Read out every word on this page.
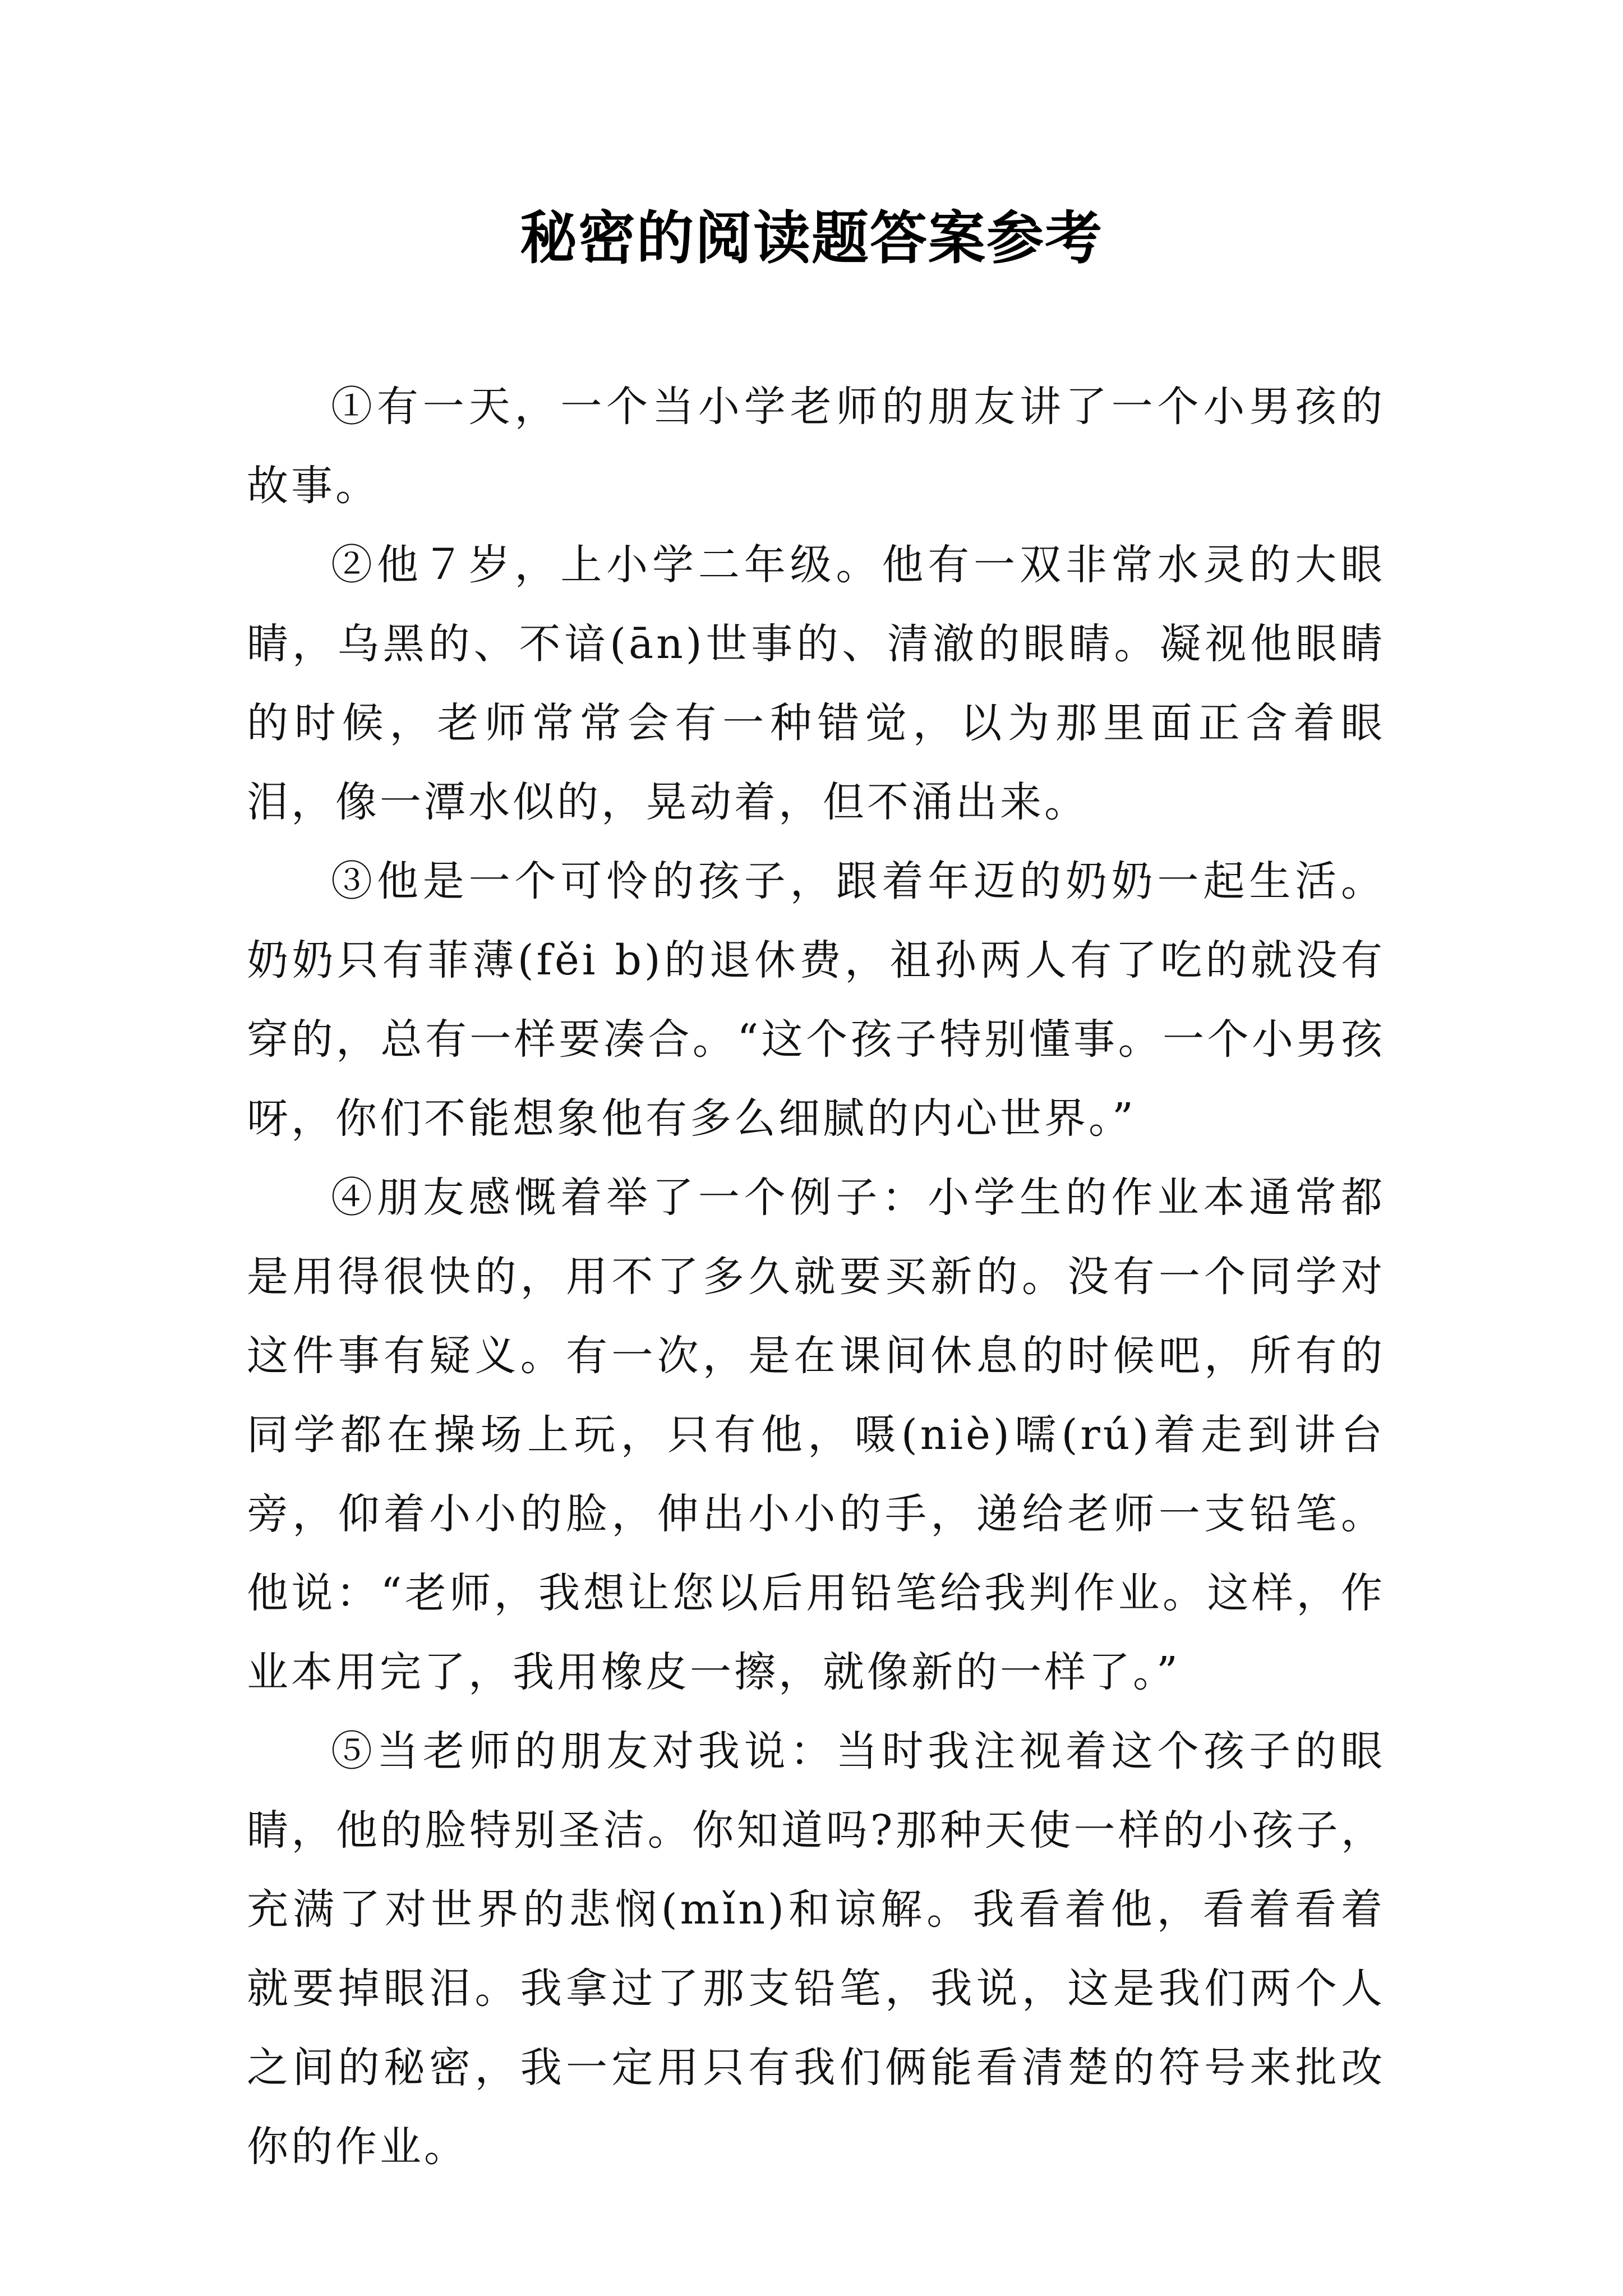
秘密的阅读题答案参考

①有一天，一个当小学老师的朋友讲了一个小男孩的故事。

②他７岁，上小学二年级。他有一双非常水灵的大眼睛，乌黑的、不谙(ān)世事的、清澈的眼睛。凝视他眼睛的时候，老师常常会有一种错觉，以为那里面正含着眼泪，像一潭水似的，晃动着，但不涌出来。

③他是一个可怜的孩子，跟着年迈的奶奶一起生活。奶奶只有菲薄(fěi b)的退休费，祖孙两人有了吃的就没有穿的，总有一样要凑合。“这个孩子特别懂事。一个小男孩呀，你们不能想象他有多么细腻的内心世界。”

④朋友感慨着举了一个例子：小学生的作业本通常都是用得很快的，用不了多久就要买新的。没有一个同学对这件事有疑义。有一次，是在课间休息的时候吧，所有的同学都在操场上玩，只有他，嗫(niè)嚅(rú)着走到讲台旁，仰着小小的脸，伸出小小的手，递给老师一支铅笔。他说：“老师，我想让您以后用铅笔给我判作业。这样，作业本用完了，我用橡皮一擦，就像新的一样了。”

⑤当老师的朋友对我说：当时我注视着这个孩子的眼睛，他的脸特别圣洁。你知道吗?那种天使一样的小孩子，充满了对世界的悲悯(mǐn)和谅解。我看着他，看着看着就要掉眼泪。我拿过了那支铅笔，我说，这是我们两个人之间的秘密，我一定用只有我们俩能看清楚的符号来批改你的作业。
